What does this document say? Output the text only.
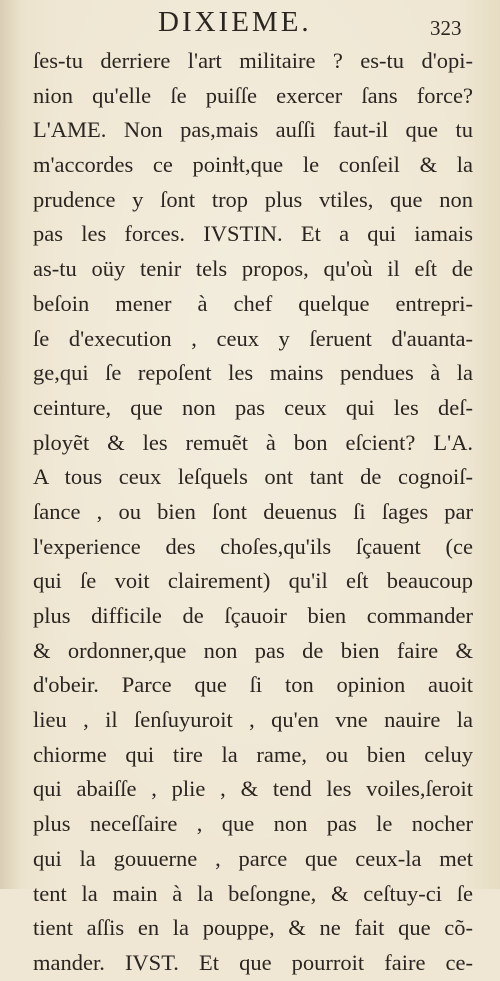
DIXIEME.	323
ſes-tu derriere l'art militaire ? es-tu d'opi-
nion qu'elle ſe puiſſe exercer ſans force?
L'AME. Non pas,mais auſſi faut-il que tu
m'accordes ce poinɫt,que le conſeil & la
prudence y ſont trop plus vtiles, que non
pas les forces. IVSTIN. Et a qui iamais
as-tu oüy tenir tels propos, qu'où il eſt de
beſoin mener à chef quelque entrepri-
ſe d'execution , ceux y ſeruent d'auanta-
ge,qui ſe repoſent les mains pendues à la
ceinture, que non pas ceux qui les deſ-
ployẽt & les remuẽt à bon eſcient? L'A.
A tous ceux leſquels ont tant de cognoiſ-
ſance , ou bien ſont deuenus ſi ſages par
l'experience des choſes,qu'ils ſçauent (ce
qui ſe voit clairement) qu'il eſt beaucoup
plus difficile de ſçauoir bien commander
& ordonner,que non pas de bien faire &
d'obeir. Parce que ſi ton opinion auoit
lieu , il ſenſuyuroit , qu'en vne nauire la
chiorme qui tire la rame, ou bien celuy
qui abaiſſe , plie , & tend les voiles,ſeroit
plus neceſſaire , que non pas le nocher
qui la gouuerne , parce que ceux-la met
tent la main à la beſongne, & ceſtuy-ci ſe
tient aſſis en la pouppe, & ne fait que cõ-
mander. IVST. Et que pourroit faire ce-
